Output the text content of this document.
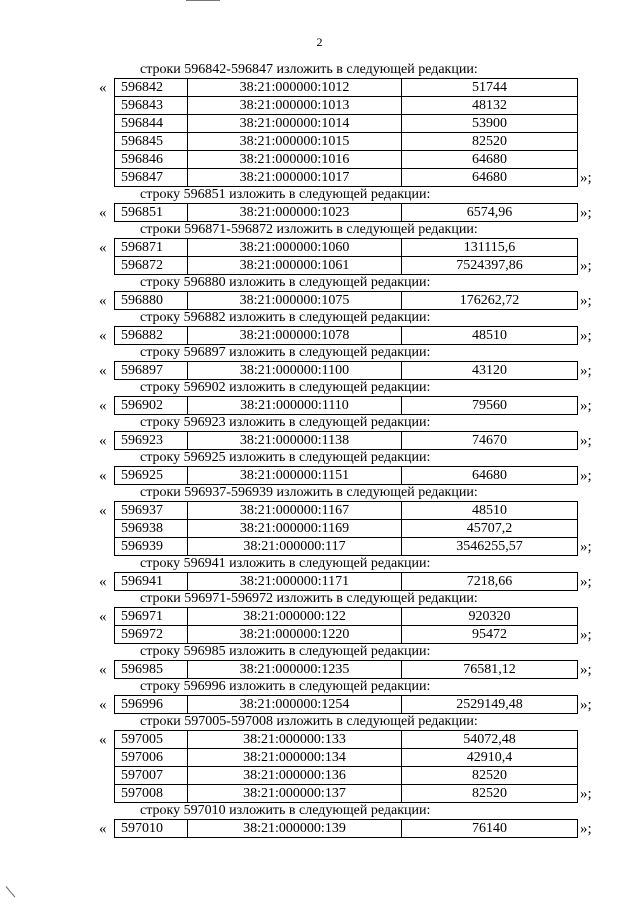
2
строки 596842-596847 изложить в следующей редакции:
« 596842	38:21:000000:1012	51744
596843	38:21:000000:1013	48132
596844	38:21:000000:1014	53900
596845	38:21:000000:1015	82520
596846	38:21:000000:1016	64680
596847	38:21:000000:1017	64680	»;
строку 596851 изложить в следующей редакции:
« 596851	38:21:000000:1023	6574,96	»;
строки 596871-596872 изложить в следующей редакции:
« 596871	38:21:000000:1060	131115,6
596872	38:21:000000:1061	7524397,86	»;
строку 596880 изложить в следующей редакции:
« 596880	38:21:000000:1075	176262,72	»;
строку 596882 изложить в следующей редакции:
« 596882	38:21:000000:1078	48510	»;
строку 596897 изложить в следующей редакции:
« 596897	38:21:000000:1100	43120	»;
строку 596902 изложить в следующей редакции:
« 596902	38:21:000000:1110	79560	»;
строку 596923 изложить в следующей редакции:
« 596923	38:21:000000:1138	74670	»;
строку 596925 изложить в следующей редакции:
« 596925	38:21:000000:1151	64680	»;
строки 596937-596939 изложить в следующей редакции:
« 596937	38:21:000000:1167	48510
596938	38:21:000000:1169	45707,2
596939	38:21:000000:117	3546255,57	»;
строку 596941 изложить в следующей редакции:
« 596941	38:21:000000:1171	7218,66	»;
строки 596971-596972 изложить в следующей редакции:
« 596971	38:21:000000:122	920320
596972	38:21:000000:1220	95472	»;
строку 596985 изложить в следующей редакции:
« 596985	38:21:000000:1235	76581,12	»;
строку 596996 изложить в следующей редакции:
« 596996	38:21:000000:1254	2529149,48	»;
строки 597005-597008 изложить в следующей редакции:
« 597005	38:21:000000:133	54072,48
597006	38:21:000000:134	42910,4
597007	38:21:000000:136	82520
597008	38:21:000000:137	82520	»;
строку 597010 изложить в следующей редакции:
« 597010	38:21:000000:139	76140	»;
